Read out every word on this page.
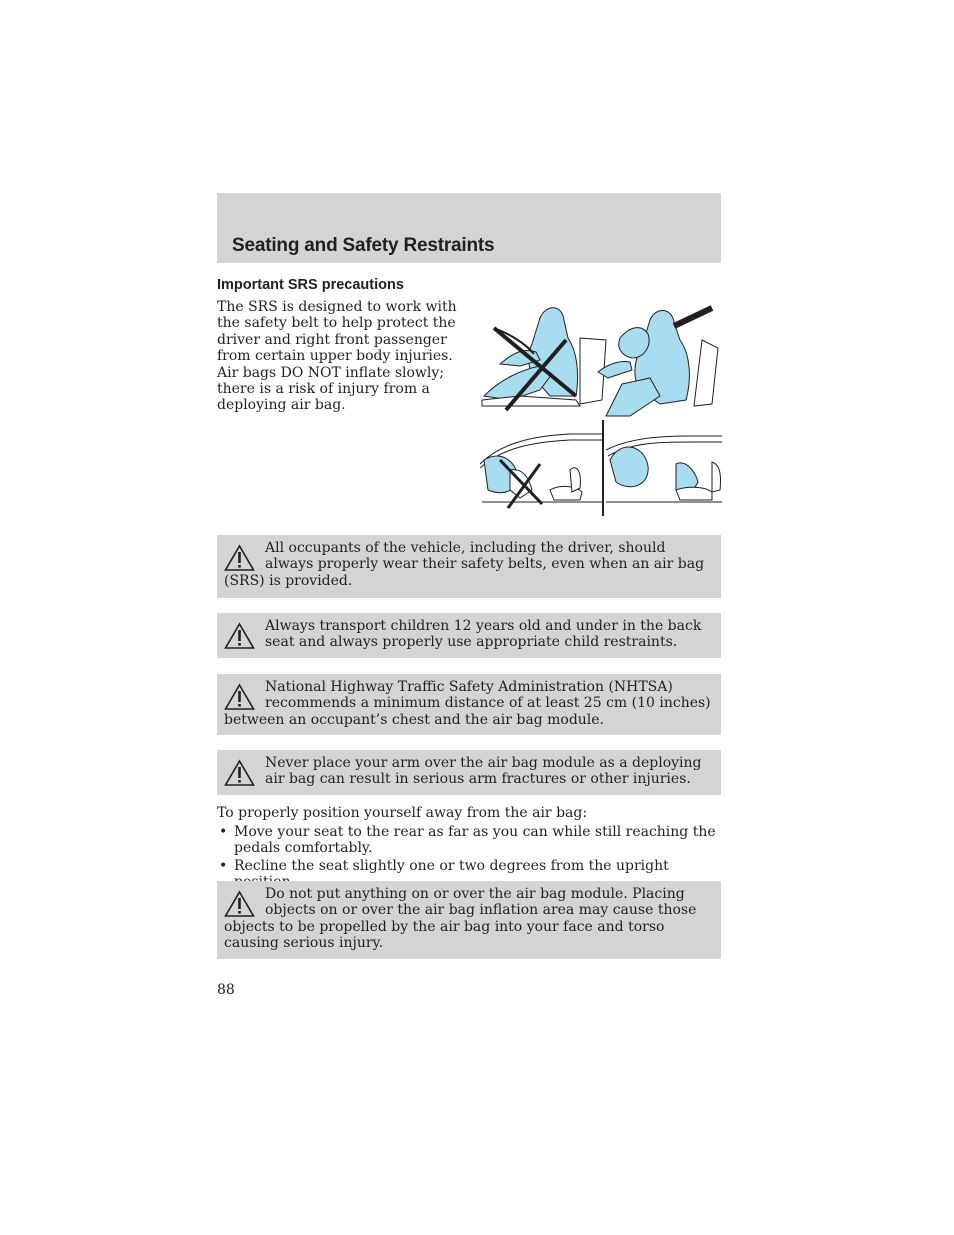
Seating and Safety Restraints
Important SRS precautions

The SRS is designed to work with the safety belt to help protect the driver and right front passenger from certain upper body injuries. Air bags DO NOT inflate slowly; there is a risk of injury from a deploying air bag.

All occupants of the vehicle, including the driver, should always properly wear their safety belts, even when an air bag (SRS) is provided.

Always transport children 12 years old and under in the back seat and always properly use appropriate child restraints.

National Highway Traffic Safety Administration (NHTSA) recommends a minimum distance of at least 25 cm (10 inches) between an occupant’s chest and the air bag module.

Never place your arm over the air bag module as a deploying air bag can result in serious arm fractures or other injuries.

To properly position yourself away from the air bag:

• Move your seat to the rear as far as you can while still reaching the pedals comfortably.
• Recline the seat slightly one or two degrees from the upright

Do not put anything on or over the air bag module. Placing objects on or over the air bag inflation area may cause those objects to be propelled by the air bag into your face and torso causing serious injury.

88
